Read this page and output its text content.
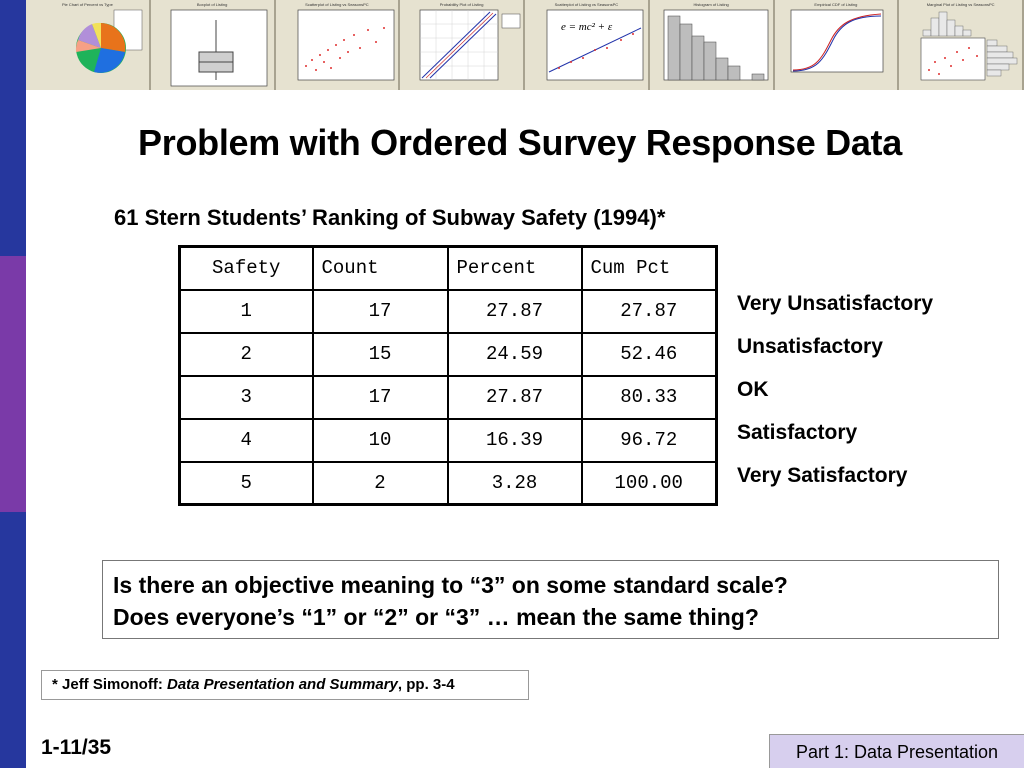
Pie Chart of Percent vs Type	Boxplot of Listing	Scatterplot of Listing vs SeasonsPC	Probability Plot of Listing	Scatterplot of Listing vs SeasonsPC
e = mc² + ε
Histogram of Listing	Empirical CDF of Listing	Marginal Plot of Listing vs SeasonsPC
Problem with Ordered Survey Response Data
61 Stern Students’ Ranking of Subway Safety (1994)*
Safety	Count	Percent	Cum Pct
1	17	27.87	27.87
2	15	24.59	52.46
3	17	27.87	80.33
4	10	16.39	96.72
5	2	3.28	100.00
Very Unsatisfactory
Unsatisfactory
OK
Satisfactory
Very Satisfactory
Is there an objective meaning to “3” on some standard scale?
Does everyone’s “1” or “2” or “3” … mean the same thing?
* Jeff Simonoff: Data Presentation and Summary, pp. 3-4
1-11/35	Part 1: Data Presentation
